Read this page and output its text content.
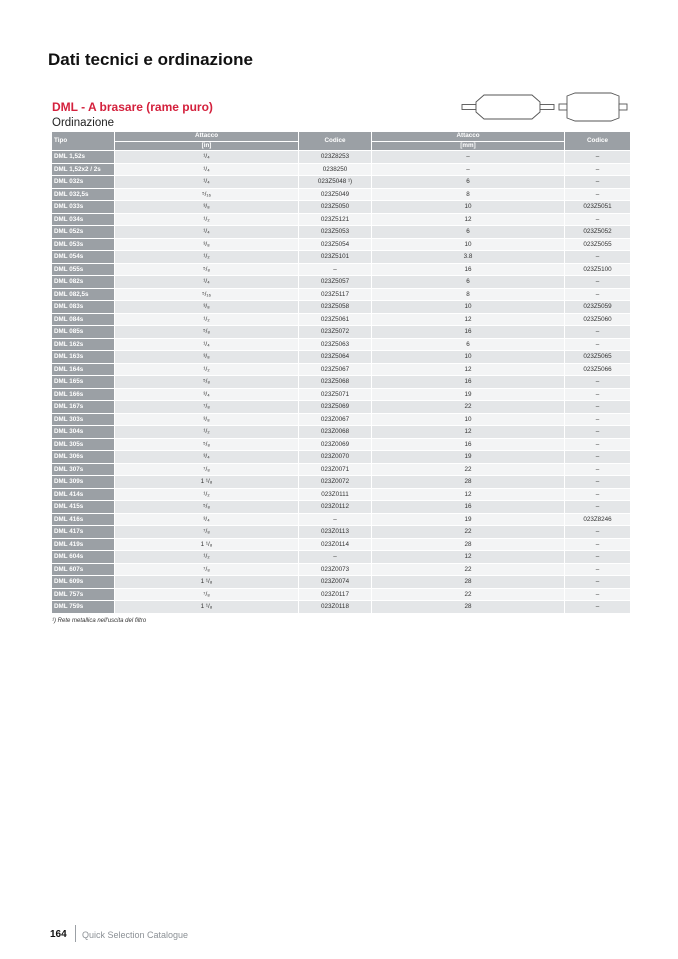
Dati tecnici e ordinazione
DML - A brasare (rame puro)
Ordinazione
Tipo	Attacco	Codice	Attacco	Codice
	[in]		[mm]	
DML 1,52s	¹/₄	023Z8253	–	–
DML 1,52x2 / 2s	¹/₄	0238250	–	–
DML 032s	¹/₄	023Z5048 ¹)	6	–
DML 032,5s	⁵/₁₆	023Z5049	8	–
DML 033s	³/₈	023Z5050	10	023Z5051
DML 034s	¹/₂	023Z5121	12	–
DML 052s	¹/₄	023Z5053	6	023Z5052
DML 053s	³/₈	023Z5054	10	023Z5055
DML 054s	¹/₂	023Z5101	3.8	–
DML 055s	⁵/₈	–	16	023Z5100
DML 082s	¹/₄	023Z5057	6	–
DML 082,5s	⁵/₁₆	023Z5117	8	–
DML 083s	³/₈	023Z5058	10	023Z5059
DML 084s	¹/₂	023Z5061	12	023Z5060
DML 085s	⁵/₈	023Z5072	16	–
DML 162s	¹/₄	023Z5063	6	–
DML 163s	³/₈	023Z5064	10	023Z5065
DML 164s	¹/₂	023Z5067	12	023Z5066
DML 165s	⁵/₈	023Z5068	16	–
DML 166s	³/₄	023Z5071	19	–
DML 167s	⁷/₈	023Z5069	22	–
DML 303s	³/₈	023Z0067	10	–
DML 304s	¹/₂	023Z0068	12	–
DML 305s	⁵/₈	023Z0069	16	–
DML 306s	³/₄	023Z0070	19	–
DML 307s	⁷/₈	023Z0071	22	–
DML 309s	1 ¹/₈	023Z0072	28	–
DML 414s	¹/₂	023Z0111	12	–
DML 415s	⁵/₈	023Z0112	16	–
DML 416s	³/₄	–	19	023Z8246
DML 417s	⁷/₈	023Z0113	22	–
DML 419s	1 ¹/₈	023Z0114	28	–
DML 604s	¹/₂	–	12	–
DML 607s	⁷/₈	023Z0073	22	–
DML 609s	1 ¹/₈	023Z0074	28	–
DML 757s	⁷/₈	023Z0117	22	–
DML 759s	1 ¹/₈	023Z0118	28	–
¹) Rete metallica nell'uscita del filtro
164 Quick Selection Catalogue
